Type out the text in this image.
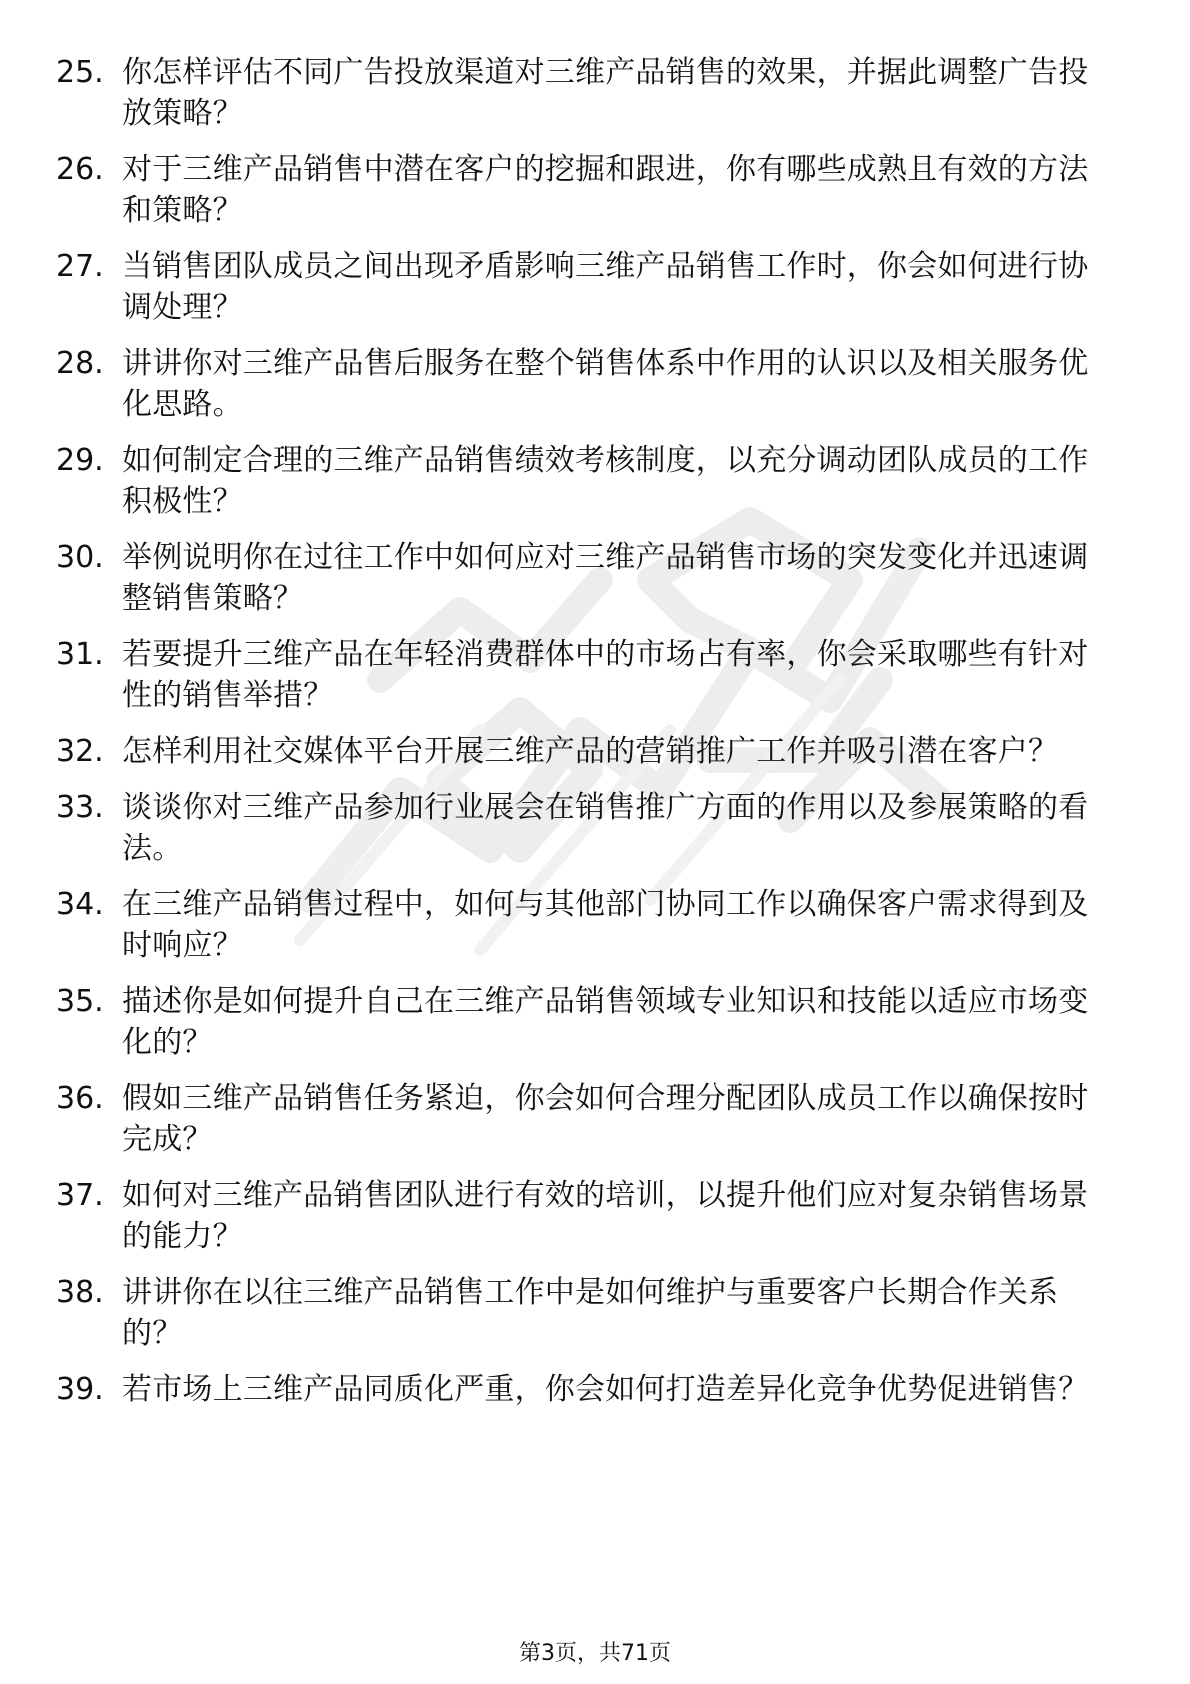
25. 你怎样评估不同广告投放渠道对三维产品销售的效果，并据此调整广告投放策略？
26. 对于三维产品销售中潜在客户的挖掘和跟进，你有哪些成熟且有效的方法和策略？
27. 当销售团队成员之间出现矛盾影响三维产品销售工作时，你会如何进行协调处理？
28. 讲讲你对三维产品售后服务在整个销售体系中作用的认识以及相关服务优化思路。
29. 如何制定合理的三维产品销售绩效考核制度，以充分调动团队成员的工作积极性？
30. 举例说明你在过往工作中如何应对三维产品销售市场的突发变化并迅速调整销售策略？
31. 若要提升三维产品在年轻消费群体中的市场占有率，你会采取哪些有针对性的销售举措？
32. 怎样利用社交媒体平台开展三维产品的营销推广工作并吸引潜在客户？
33. 谈谈你对三维产品参加行业展会在销售推广方面的作用以及参展策略的看法。
34. 在三维产品销售过程中，如何与其他部门协同工作以确保客户需求得到及时响应？
35. 描述你是如何提升自己在三维产品销售领域专业知识和技能以适应市场变化的？
36. 假如三维产品销售任务紧迫，你会如何合理分配团队成员工作以确保按时完成？
37. 如何对三维产品销售团队进行有效的培训，以提升他们应对复杂销售场景的能力？
38. 讲讲你在以往三维产品销售工作中是如何维护与重要客户长期合作关系的？
39. 若市场上三维产品同质化严重，你会如何打造差异化竞争优势促进销售？
第3页，共71页
